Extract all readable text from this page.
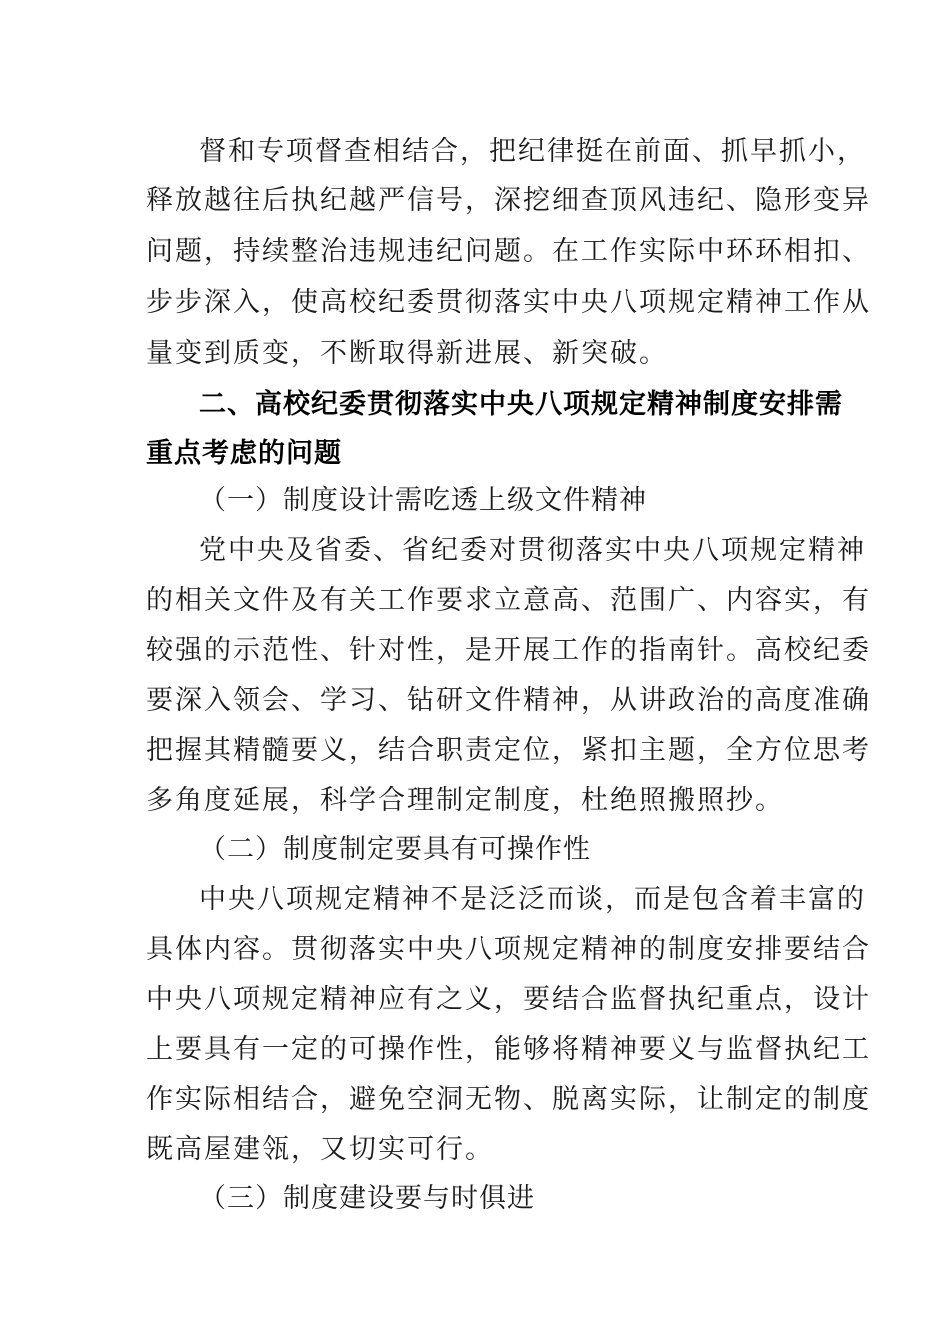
督和专项督查相结合，把纪律挺在前面、抓早抓小，
释放越往后执纪越严信号，深挖细查顶风违纪、隐形变异
问题，持续整治违规违纪问题。在工作实际中环环相扣、
步步深入，使高校纪委贯彻落实中央八项规定精神工作从
量变到质变，不断取得新进展、新突破。
二、高校纪委贯彻落实中央八项规定精神制度安排需
重点考虑的问题
（一）制度设计需吃透上级文件精神
党中央及省委、省纪委对贯彻落实中央八项规定精神
的相关文件及有关工作要求立意高、范围广、内容实，有
较强的示范性、针对性，是开展工作的指南针。高校纪委
要深入领会、学习、钻研文件精神，从讲政治的高度准确
把握其精髓要义，结合职责定位，紧扣主题，全方位思考
多角度延展，科学合理制定制度，杜绝照搬照抄。
（二）制度制定要具有可操作性
中央八项规定精神不是泛泛而谈，而是包含着丰富的
具体内容。贯彻落实中央八项规定精神的制度安排要结合
中央八项规定精神应有之义，要结合监督执纪重点，设计
上要具有一定的可操作性，能够将精神要义与监督执纪工
作实际相结合，避免空洞无物、脱离实际，让制定的制度
既高屋建瓴，又切实可行。
（三）制度建设要与时俱进
